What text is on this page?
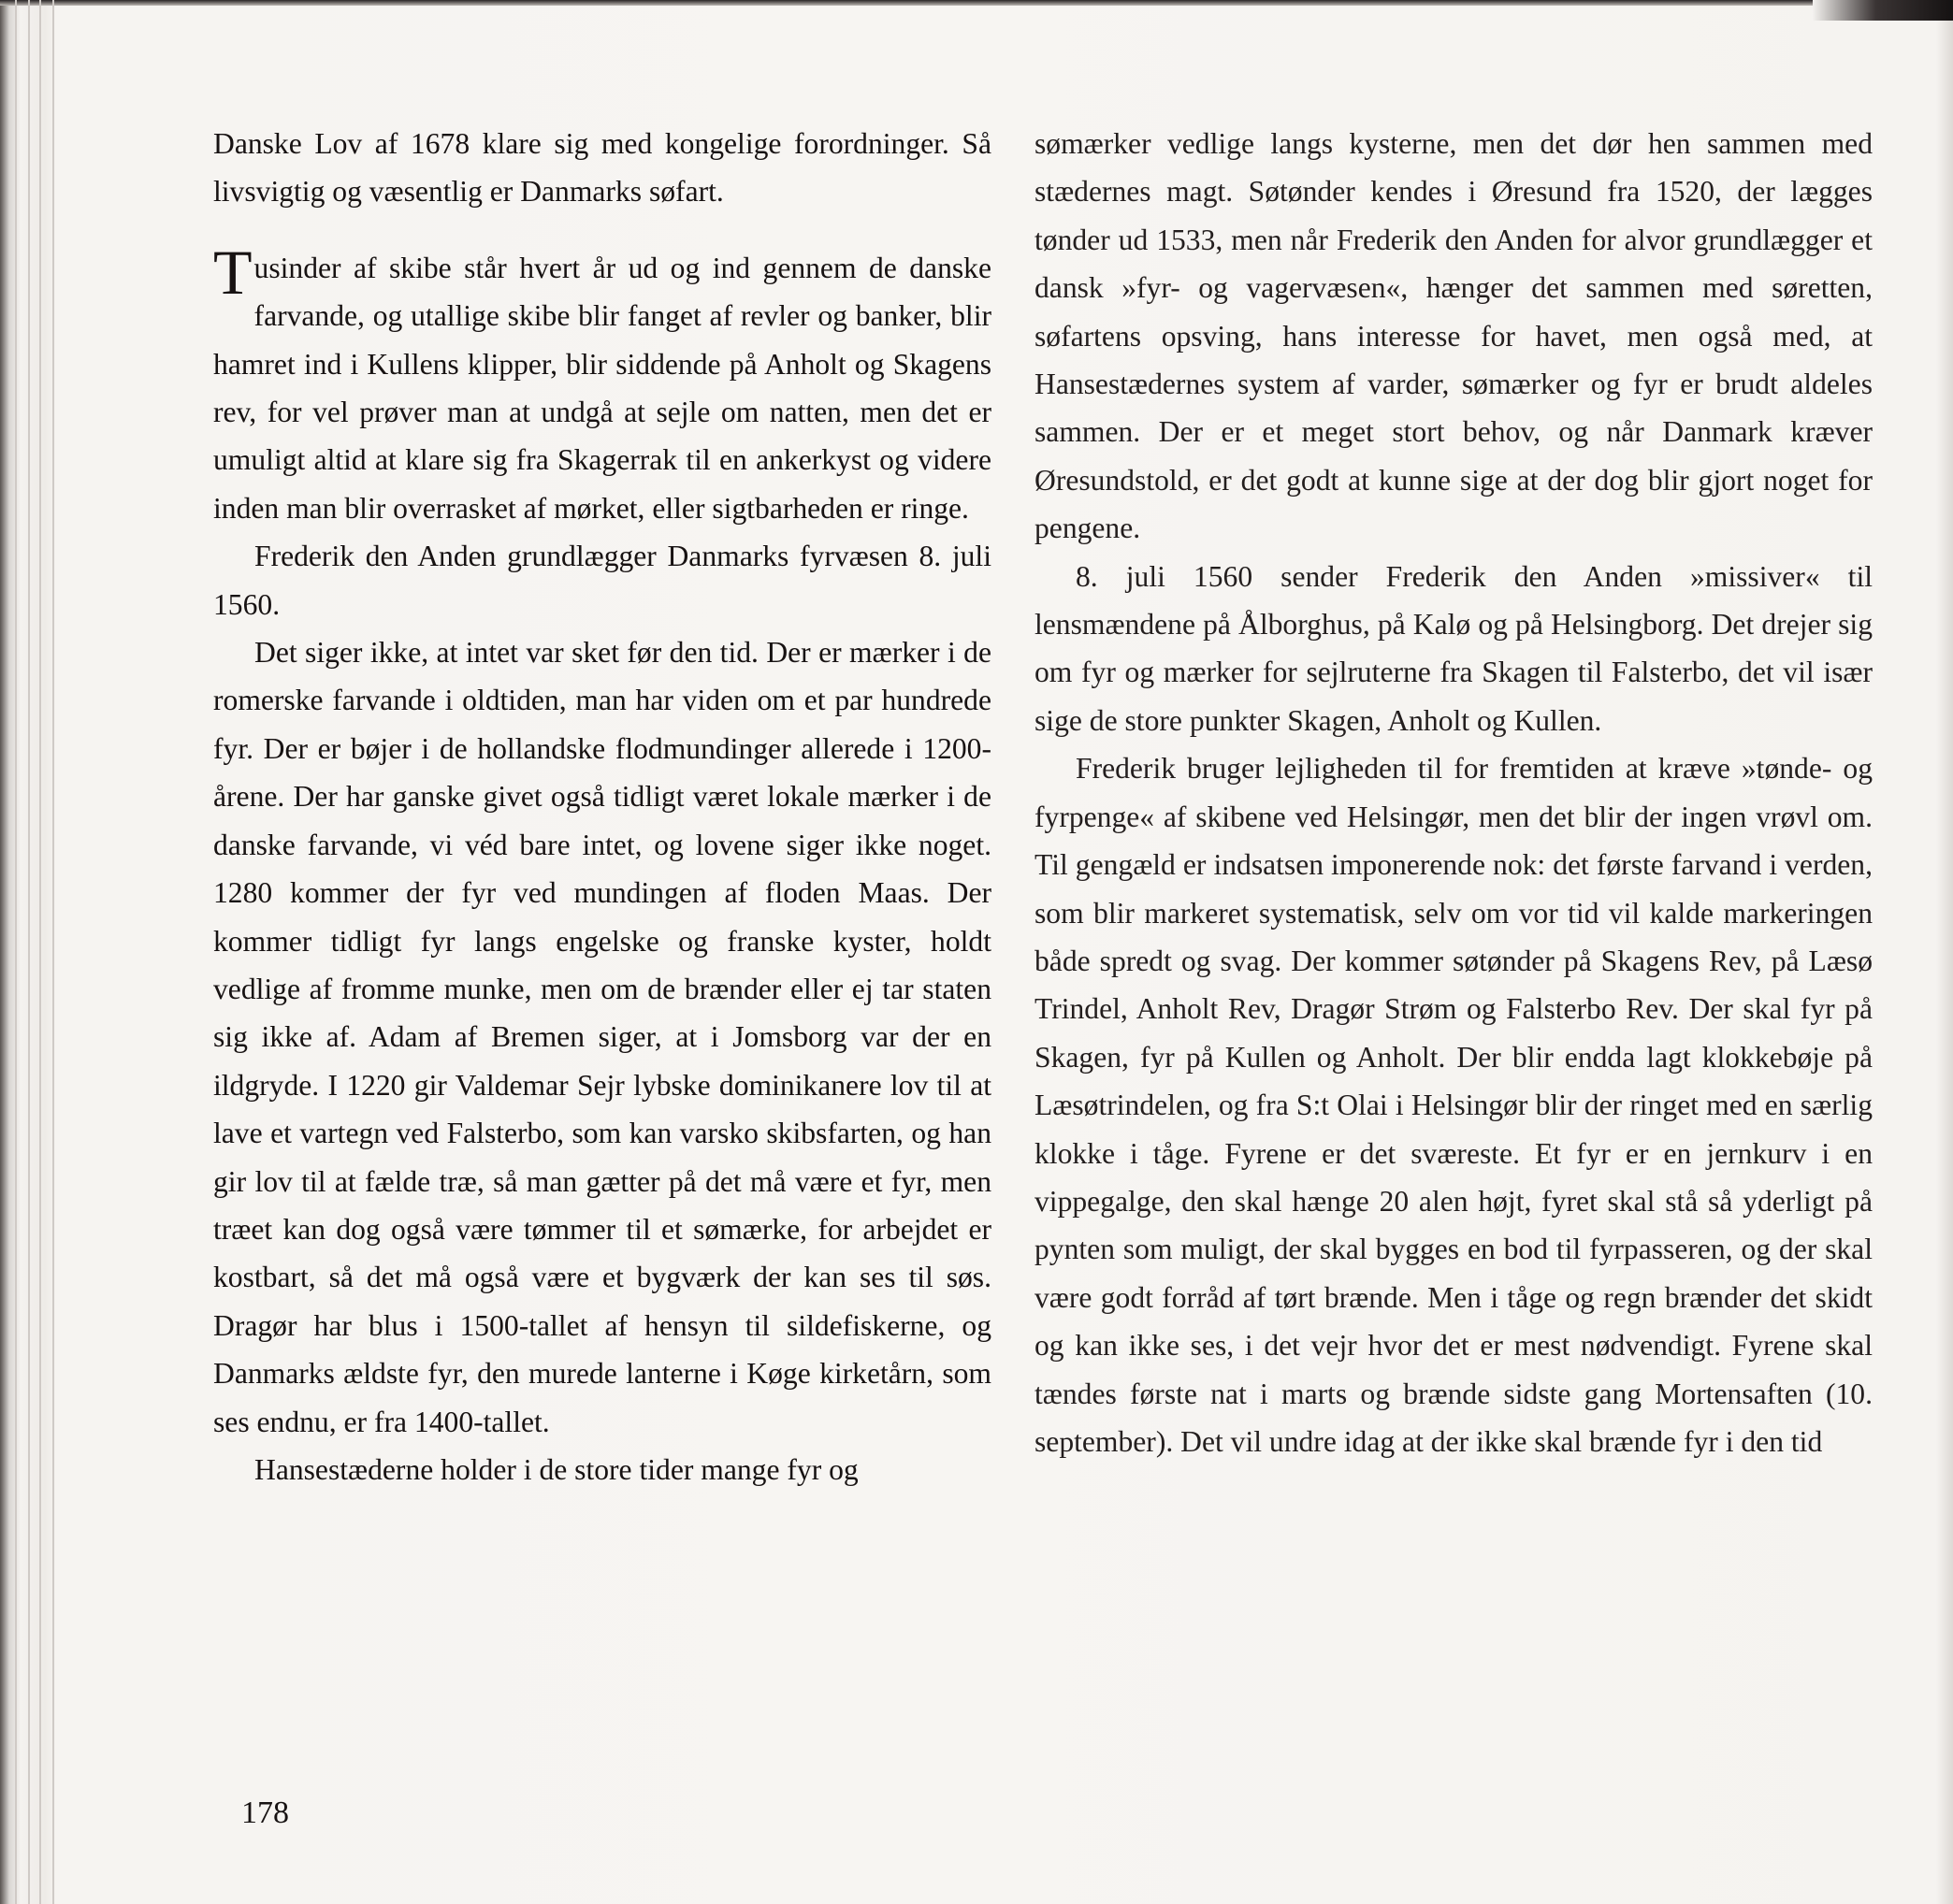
Danske Lov af 1678 klare sig med kongelige forordninger. Så livsvigtig og væsentlig er Danmarks søfart.

Tusinder af skibe står hvert år ud og ind gennem de danske farvande, og utallige skibe blir fanget af revler og banker, blir hamret ind i Kullens klipper, blir siddende på Anholt og Skagens rev, for vel prøver man at undgå at sejle om natten, men det er umuligt altid at klare sig fra Skagerrak til en ankerkyst og videre inden man blir overrasket af mørket, eller sigtbarheden er ringe.

Frederik den Anden grundlægger Danmarks fyrvæsen 8. juli 1560.

Det siger ikke, at intet var sket før den tid. Der er mærker i de romerske farvande i oldtiden, man har viden om et par hundrede fyr. Der er bøjer i de hollandske flodmundinger allerede i 1200-årene. Der har ganske givet også tidligt været lokale mærker i de danske farvande, vi véd bare intet, og lovene siger ikke noget. 1280 kommer der fyr ved mundingen af floden Maas. Der kommer tidligt fyr langs engelske og franske kyster, holdt vedlige af fromme munke, men om de brænder eller ej tar staten sig ikke af. Adam af Bremen siger, at i Jomsborg var der en ildgryde. I 1220 gir Valdemar Sejr lybske dominikanere lov til at lave et vartegn ved Falsterbo, som kan varsko skibsfarten, og han gir lov til at fælde træ, så man gætter på det må være et fyr, men træet kan dog også være tømmer til et sømærke, for arbejdet er kostbart, så det må også være et bygværk der kan ses til søs. Dragør har blus i 1500-tallet af hensyn til sildefiskerne, og Danmarks ældste fyr, den murede lanterne i Køge kirketårn, som ses endnu, er fra 1400-tallet.

Hansestæderne holder i de store tider mange fyr og

178

sømærker vedlige langs kysterne, men det dør hen sammen med stædernes magt. Søtønder kendes i Øresund fra 1520, der lægges tønder ud 1533, men når Frederik den Anden for alvor grundlægger et dansk »fyr- og vagervæsen«, hænger det sammen med søretten, søfartens opsving, hans interesse for havet, men også med, at Hansestædernes system af varder, sømærker og fyr er brudt aldeles sammen. Der er et meget stort behov, og når Danmark kræver Øresundstold, er det godt at kunne sige at der dog blir gjort noget for pengene.

8. juli 1560 sender Frederik den Anden »missiver« til lensmændene på Ålborghus, på Kalø og på Helsingborg. Det drejer sig om fyr og mærker for sejlruterne fra Skagen til Falsterbo, det vil især sige de store punkter Skagen, Anholt og Kullen.

Frederik bruger lejligheden til for fremtiden at kræve »tønde- og fyrpenge« af skibene ved Helsingør, men det blir der ingen vrøvl om. Til gengæld er indsatsen imponerende nok: det første farvand i verden, som blir markeret systematisk, selv om vor tid vil kalde markeringen både spredt og svag. Der kommer søtønder på Skagens Rev, på Læsø Trindel, Anholt Rev, Dragør Strøm og Falsterbo Rev. Der skal fyr på Skagen, fyr på Kullen og Anholt. Der blir endda lagt klokkebøje på Læsøtrindelen, og fra S:t Olai i Helsingør blir der ringet med en særlig klokke i tåge. Fyrene er det sværeste. Et fyr er en jernkurv i en vippegalge, den skal hænge 20 alen højt, fyret skal stå så yderligt på pynten som muligt, der skal bygges en bod til fyrpasseren, og der skal være godt forråd af tørt brænde. Men i tåge og regn brænder det skidt og kan ikke ses, i det vejr hvor det er mest nødvendigt. Fyrene skal tændes første nat i marts og brænde sidste gang Mortensaften (10. september). Det vil undre idag at der ikke skal brænde fyr i den tid
